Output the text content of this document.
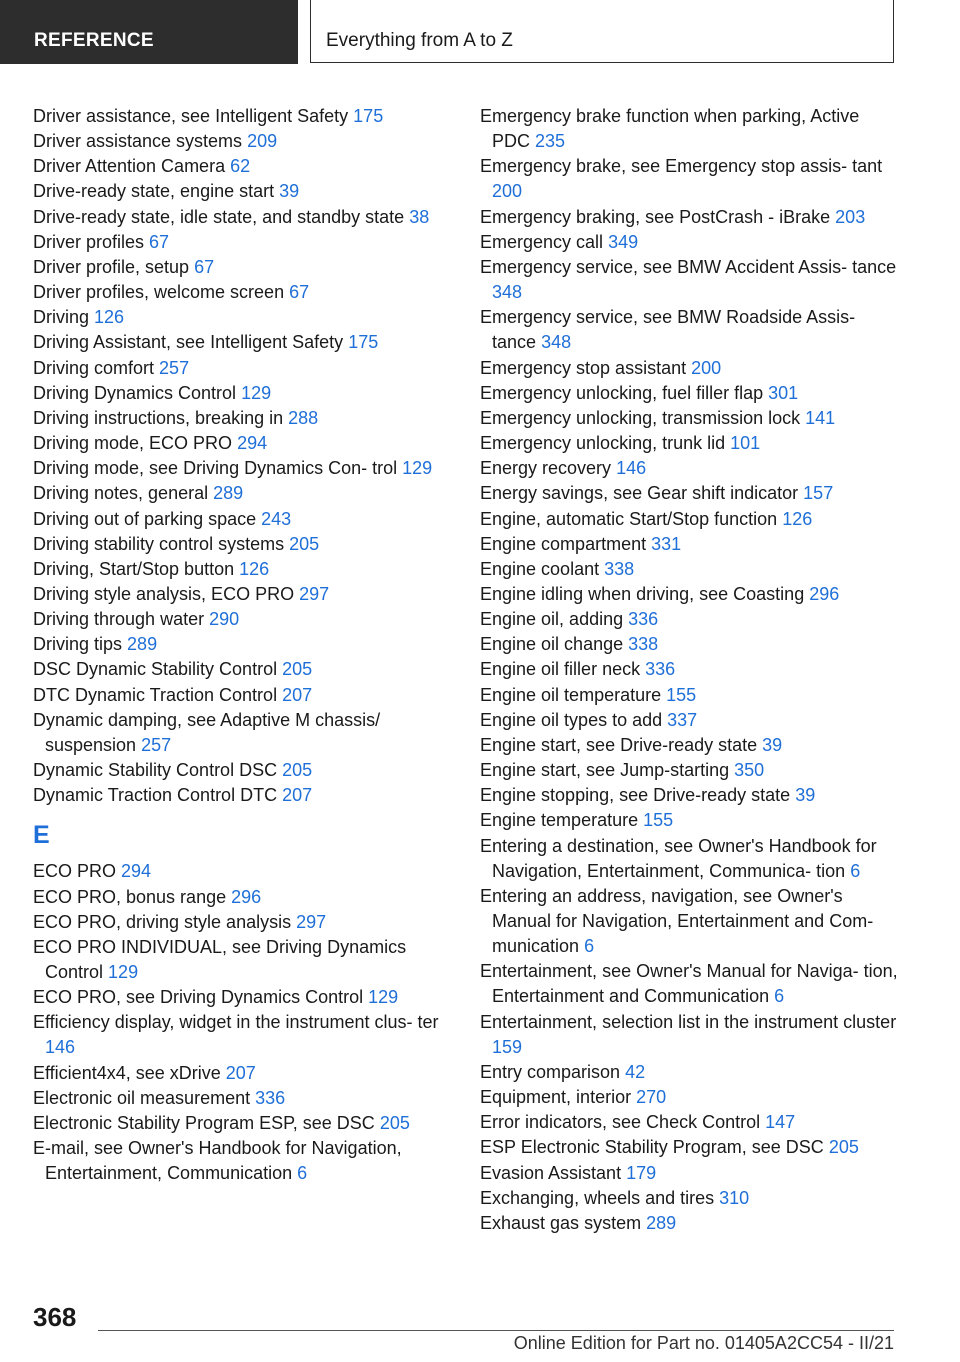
REFERENCE	Everything from A to Z
Driver assistance, see Intelligent Safety 175
Driver assistance systems 209
Driver Attention Camera 62
Drive-ready state, engine start 39
Drive-ready state, idle state, and standby state 38
Driver profiles 67
Driver profile, setup 67
Driver profiles, welcome screen 67
Driving 126
Driving Assistant, see Intelligent Safety 175
Driving comfort 257
Driving Dynamics Control 129
Driving instructions, breaking in 288
Driving mode, ECO PRO 294
Driving mode, see Driving Dynamics Con‐ trol 129
Driving notes, general 289
Driving out of parking space 243
Driving stability control systems 205
Driving, Start/Stop button 126
Driving style analysis, ECO PRO 297
Driving through water 290
Driving tips 289
DSC Dynamic Stability Control 205
DTC Dynamic Traction Control 207
Dynamic damping, see Adaptive M chassis/ suspension 257
Dynamic Stability Control DSC 205
Dynamic Traction Control DTC 207
E
ECO PRO 294
ECO PRO, bonus range 296
ECO PRO, driving style analysis 297
ECO PRO INDIVIDUAL, see Driving Dynamics Control 129
ECO PRO, see Driving Dynamics Control 129
Efficiency display, widget in the instrument clus‐ ter 146
Efficient4x4, see xDrive 207
Electronic oil measurement 336
Electronic Stability Program ESP, see DSC 205
E-mail, see Owner's Handbook for Navigation, Entertainment, Communication 6
Emergency brake function when parking, Active PDC 235
Emergency brake, see Emergency stop assis‐ tant 200
Emergency braking, see PostCrash - iBrake 203
Emergency call 349
Emergency service, see BMW Accident Assis‐ tance 348
Emergency service, see BMW Roadside Assis‐ tance 348
Emergency stop assistant 200
Emergency unlocking, fuel filler flap 301
Emergency unlocking, transmission lock 141
Emergency unlocking, trunk lid 101
Energy recovery 146
Energy savings, see Gear shift indicator 157
Engine, automatic Start/Stop function 126
Engine compartment 331
Engine coolant 338
Engine idling when driving, see Coasting 296
Engine oil, adding 336
Engine oil change 338
Engine oil filler neck 336
Engine oil temperature 155
Engine oil types to add 337
Engine start, see Drive-ready state 39
Engine start, see Jump-starting 350
Engine stopping, see Drive-ready state 39
Engine temperature 155
Entering a destination, see Owner's Handbook for Navigation, Entertainment, Communica‐ tion 6
Entering an address, navigation, see Owner's Manual for Navigation, Entertainment and Com‐ munication 6
Entertainment, see Owner's Manual for Naviga‐ tion, Entertainment and Communication 6
Entertainment, selection list in the instrument cluster 159
Entry comparison 42
Equipment, interior 270
Error indicators, see Check Control 147
ESP Electronic Stability Program, see DSC 205
Evasion Assistant 179
Exchanging, wheels and tires 310
Exhaust gas system 289
368
Online Edition for Part no. 01405A2CC54 - II/21
